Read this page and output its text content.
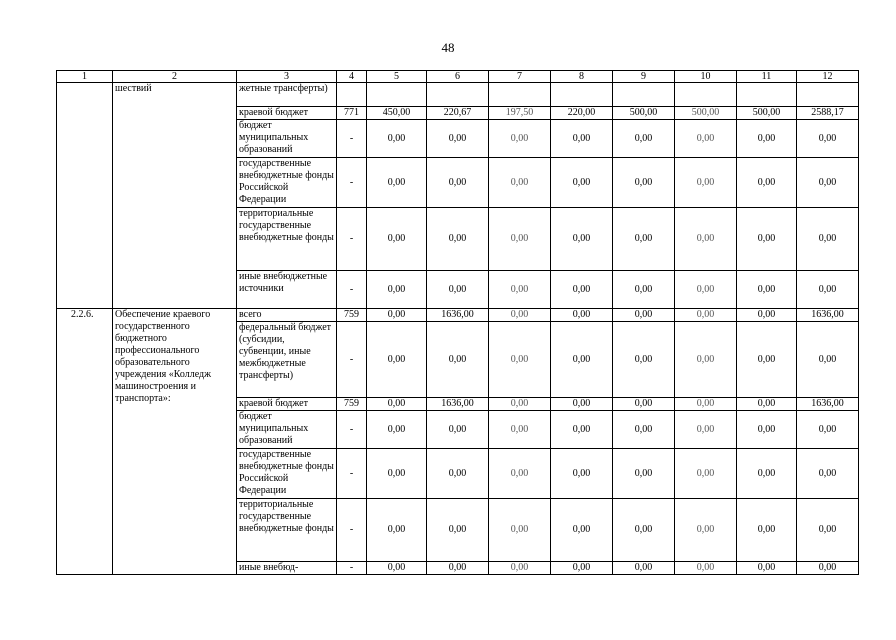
48
1	2	3	4	5	6	7	8	9	10	11	12
	шествий	жетные трансферты)									
		краевой бюджет	771	450,00	220,67	197,50	220,00	500,00	500,00	500,00	2588,17
		бюджет муниципальных образований	-	0,00	0,00	0,00	0,00	0,00	0,00	0,00	0,00
		государственные внебюджетные фонды Российской Федерации	-	0,00	0,00	0,00	0,00	0,00	0,00	0,00	0,00
		территориальные государственные внебюджетные фонды	-	0,00	0,00	0,00	0,00	0,00	0,00	0,00	0,00
		иные внебюджетные источники	-	0,00	0,00	0,00	0,00	0,00	0,00	0,00	0,00
2.2.6.	Обеспечение краевого государственного бюджетного профессионального образовательного учреждения «Колледж машиностроения и транспорта»:	всего	759	0,00	1636,00	0,00	0,00	0,00	0,00	0,00	1636,00
		федеральный бюджет (субсидии, субвенции, иные межбюджетные трансферты)	-	0,00	0,00	0,00	0,00	0,00	0,00	0,00	0,00
		краевой бюджет	759	0,00	1636,00	0,00	0,00	0,00	0,00	0,00	1636,00
		бюджет муниципальных образований	-	0,00	0,00	0,00	0,00	0,00	0,00	0,00	0,00
		государственные внебюджетные фонды Российской Федерации	-	0,00	0,00	0,00	0,00	0,00	0,00	0,00	0,00
		территориальные государственные внебюджетные фонды	-	0,00	0,00	0,00	0,00	0,00	0,00	0,00	0,00
		иные внебюд-	-	0,00	0,00	0,00	0,00	0,00	0,00	0,00	0,00
